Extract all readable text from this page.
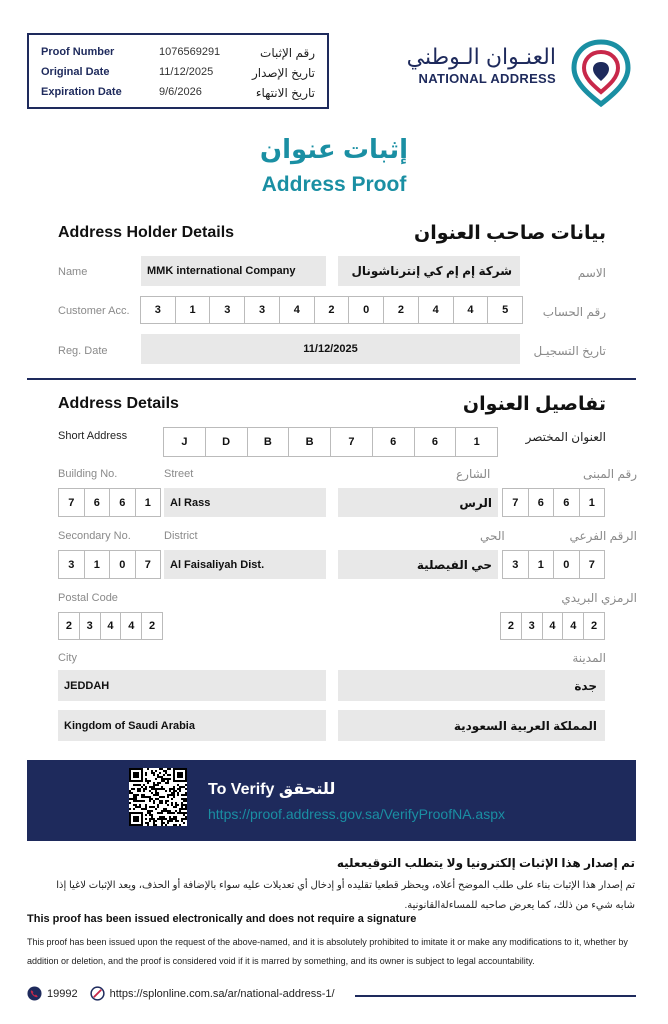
Proof Number	1076569291	رقم الإثبات
Original Date	11/12/2025	تاريخ الإصدار
Expiration Date	9/6/2026	تاريخ الانتهاء
العنـوان الـوطني
NATIONAL ADDRESS
إثبات عنوان
Address Proof
Address Holder Details	بيانات صاحب العنوان
Name	MMK international Company	شركة إم إم كي إنترناشونال	الاسم
Customer Acc.	3	1	3	3	4	2	0	2	4	4	5	رقم الحساب
Reg. Date	11/12/2025	تاريخ التسجيـل
Address Details	تفاصيل العنوان
Short Address	J	D	B	B	7	6	6	1	العنوان المختصر
Building No.	Street	الشارع	رقم المبنى
7	6	6	1	Al Rass	الرس	7	6	6	1
Secondary No.	District	الحي	الرقم الفرعي
3	1	0	7	Al Faisaliyah Dist.	حي الفيصلية	3	1	0	7
Postal Code	الرمزي البريدي
2	3	4	4	2	2	3	4	4	2
City	المدينة
JEDDAH	جدة
Kingdom of Saudi Arabia	المملكة العربية السعودية
To Verify للتحقق
https://proof.address.gov.sa/VerifyProofNA.aspx
تم إصدار هذا الإثبات إلكترونيا ولا يتطلب التوقيععليه
تم إصدار هذا الإثبات بناء على طلب الموضح أعلاه، ويحظر قطعيا تقليده أو إدخال أي تعديلات عليه سواء بالإضافة أو الحذف، ويعد الإثبات لاغيا إذا شابه شيء من ذلك، كما يعرض صاحبه للمساءلةالقانونية.
This proof has been issued electronically and does not require a signature
This proof has been issued upon the request of the above-named, and it is absolutely prohibited to imitate it or make any modifications to it, whether by addition or deletion, and the proof is considered void if it is marred by something, and its owner is subject to legal accountability.
19992	https://splonline.com.sa/ar/national-address-1/
